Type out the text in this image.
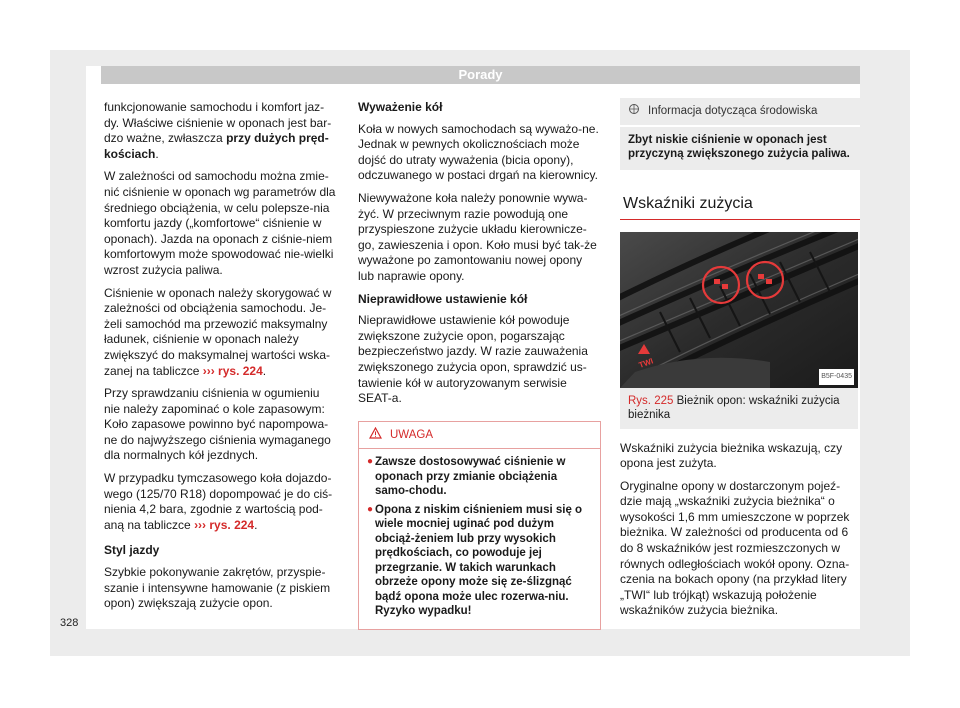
Porady

funkcjonowanie samochodu i komfort jaz-dy. Właściwe ciśnienie w oponach jest bar-dzo ważne, zwłaszcza przy dużych pręd-kościach.

W zależności od samochodu można zmie-nić ciśnienie w oponach wg parametrów dla średniego obciążenia, w celu polepsze-nia komfortu jazdy („komfortowe“ ciśnienie w oponach). Jazda na oponach z ciśnie-niem komfortowym może spowodować nie-wielki wzrost zużycia paliwa.

Ciśnienie w oponach należy skorygować w zależności od obciążenia samochodu. Je-żeli samochód ma przewozić maksymalny ładunek, ciśnienie w oponach należy zwiększyć do maksymalnej wartości wska-zanej na tabliczce ››› rys. 224.

Przy sprawdzaniu ciśnienia w ogumieniu nie należy zapominać o kole zapasowym: Koło zapasowe powinno być napompowa-ne do najwyższego ciśnienia wymaganego dla normalnych kół jezdnych.

W przypadku tymczasowego koła dojazdo-wego (125/70 R18) dopompować je do ciś-nienia 4,2 bara, zgodnie z wartością pod-aną na tabliczce ››› rys. 224.

Styl jazdy

Szybkie pokonywanie zakrętów, przyspie-szanie i intensywne hamowanie (z piskiem opon) zwiększają zużycie opon.

Wyważenie kół

Koła w nowych samochodach są wyważo-ne. Jednak w pewnych okolicznościach może dojść do utraty wyważenia (bicia opony), odczuwanego w postaci drgań na kierownicy.

Niewyważone koła należy ponownie wywa-żyć. W przeciwnym razie powodują one przyspieszone zużycie układu kierownicze-go, zawieszenia i opon. Koło musi być tak-że wyważone po zamontowaniu nowej opony lub naprawie opony.

Nieprawidłowe ustawienie kół

Nieprawidłowe ustawienie kół powoduje zwiększone zużycie opon, pogarszając bezpieczeństwo jazdy. W razie zauważenia zwiększonego zużycia opon, sprawdzić us-tawienie kół w autoryzowanym serwisie SEAT-a.

UWAGA
● Zawsze dostosowywać ciśnienie w oponach przy zmianie obciążenia samo-chodu.
● Opona z niskim ciśnieniem musi się o wiele mocniej uginać pod dużym obciąż-żeniem lub przy wysokich prędkościach, co powoduje jej przegrzanie. W takich warunkach obrzeże opony może się ze-ślizgnąć bądź opona może ulec rozerwa-niu. Ryzyko wypadku!
Informacja dotycząca środowiska
Zbyt niskie ciśnienie w oponach jest przyczyną zwiększonego zużycia paliwa.
Wskaźniki zużycia
TWI
B5F-0435
Rys. 225 Bieżnik opon: wskaźniki zużycia bieżnika

Wskaźniki zużycia bieżnika wskazują, czy opona jest zużyta.

Oryginalne opony w dostarczonym pojeź-dzie mają „wskaźniki zużycia bieżnika“ o wysokości 1,6 mm umieszczone w poprzek bieżnika. W zależności od producenta od 6 do 8 wskaźników jest rozmieszczonych w równych odległościach wokół opony. Ozna-czenia na bokach opony (na przykład litery „TWI“ lub trójkąt) wskazują położenie wskaźników zużycia bieżnika.

328
